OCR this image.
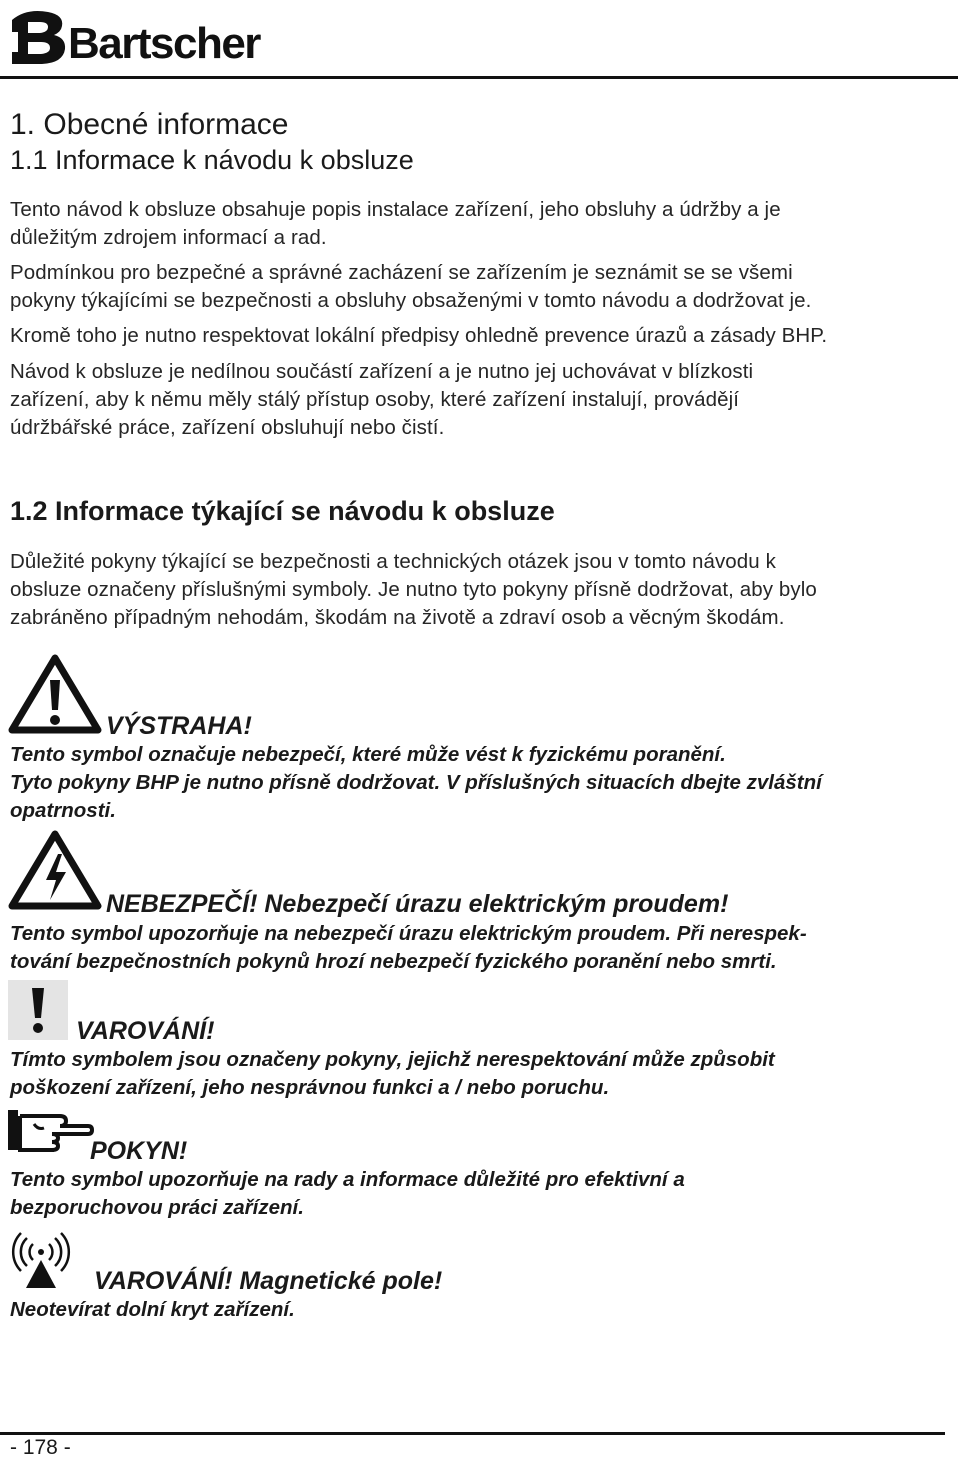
Bartscher
1. Obecné informace
1.1 Informace k návodu k obsluze
Tento návod k obsluze obsahuje popis instalace zařízení, jeho obsluhy a údržby a je
důležitým zdrojem informací a rad.
Podmínkou pro bezpečné a správné zacházení se zařízením je seznámit se se všemi
pokyny týkajícími se bezpečnosti a obsluhy obsaženými v tomto návodu a dodržovat je.
Kromě toho je nutno respektovat lokální předpisy ohledně prevence úrazů a zásady BHP.
Návod k obsluze je nedílnou součástí zařízení a je nutno jej uchovávat v blízkosti
zařízení, aby k němu měly stálý přístup osoby, které zařízení instalují, provádějí
údržbářské práce, zařízení obsluhují nebo čistí.
1.2 Informace týkající se návodu k obsluze
Důležité pokyny týkající se bezpečnosti a technických otázek jsou v tomto návodu k
obsluze označeny příslušnými symboly. Je nutno tyto pokyny přísně dodržovat, aby bylo
zabráněno případným nehodám, škodám na životě a zdraví osob a věcným škodám.
VÝSTRAHA!
Tento symbol označuje nebezpečí, které může vést k fyzickému poranění.
Tyto pokyny BHP je nutno přísně dodržovat. V příslušných situacích dbejte zvláštní
opatrnosti.
NEBEZPEČÍ! Nebezpečí úrazu elektrickým proudem!
Tento symbol upozorňuje na nebezpečí úrazu elektrickým proudem. Při nerespek-
tování bezpečnostních pokynů hrozí nebezpečí fyzického poranění nebo smrti.
VAROVÁNÍ!
Tímto symbolem jsou označeny pokyny, jejichž nerespektování může způsobit
poškození zařízení, jeho nesprávnou funkci a / nebo poruchu.
POKYN!
Tento symbol upozorňuje na rady a informace důležité pro efektivní a
bezporuchovou práci zařízení.
VAROVÁNÍ! Magnetické pole!
Neotevírat dolní kryt zařízení.
- 178 -
